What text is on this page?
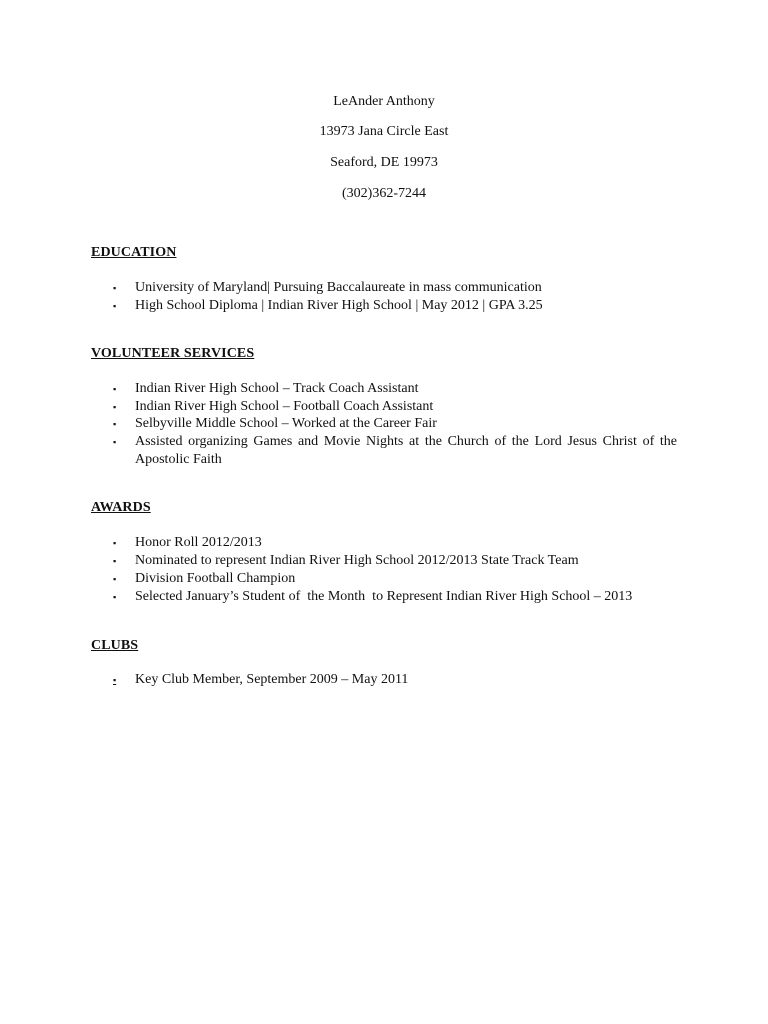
LeAnder Anthony
13973 Jana Circle East
Seaford, DE 19973
(302)362-7244
EDUCATION
▪ University of Maryland| Pursuing Baccalaureate in mass communication
▪ High School Diploma | Indian River High School | May 2012 | GPA 3.25
VOLUNTEER SERVICES
▪ Indian River High School – Track Coach Assistant
▪ Indian River High School – Football Coach Assistant
▪ Selbyville Middle School – Worked at the Career Fair
▪ Assisted organizing Games and Movie Nights at the Church of the Lord Jesus Christ of the Apostolic Faith
AWARDS
▪ Honor Roll 2012/2013
▪ Nominated to represent Indian River High School 2012/2013 State Track Team
▪ Division Football Champion
▪ Selected January’s Student of  the Month  to Represent Indian River High School – 2013
CLUBS
▪	Key Club Member, September 2009 – May 2011
